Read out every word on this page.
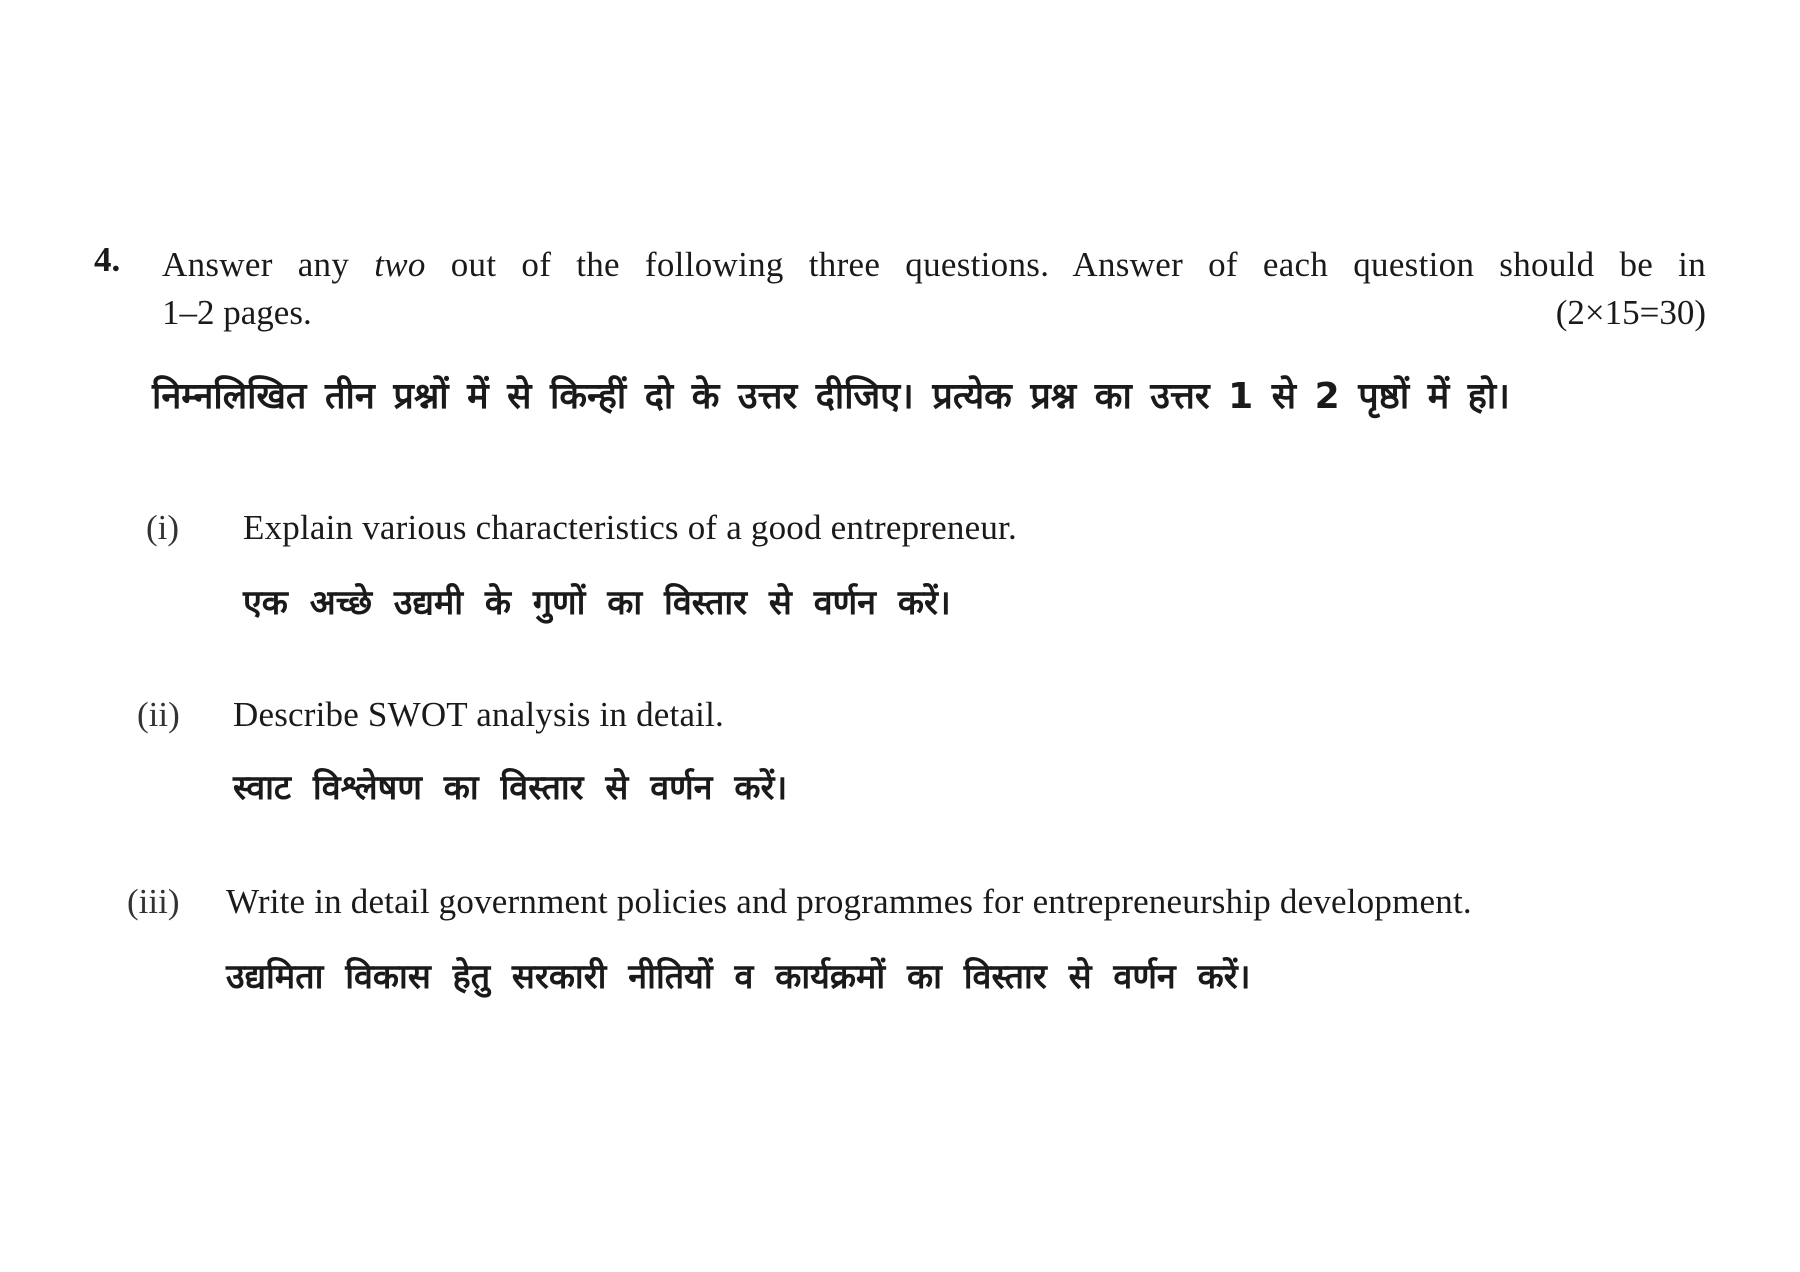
4. Answer any two out of the following three questions. Answer of each question should be in
1–2 pages.	(2×15=30)
निम्नलिखित तीन प्रश्नों में से किन्हीं दो के उत्तर दीजिए। प्रत्येक प्रश्न का उत्तर 1 से 2 पृष्ठों में हो।
(i) Explain various characteristics of a good entrepreneur.
एक अच्छे उद्यमी के गुणों का विस्तार से वर्णन करें।
(ii) Describe SWOT analysis in detail.
स्वाट विश्लेषण का विस्तार से वर्णन करें।
(iii) Write in detail government policies and programmes for entrepreneurship development.
उद्यमिता विकास हेतु सरकारी नीतियों व कार्यक्रमों का विस्तार से वर्णन करें।
